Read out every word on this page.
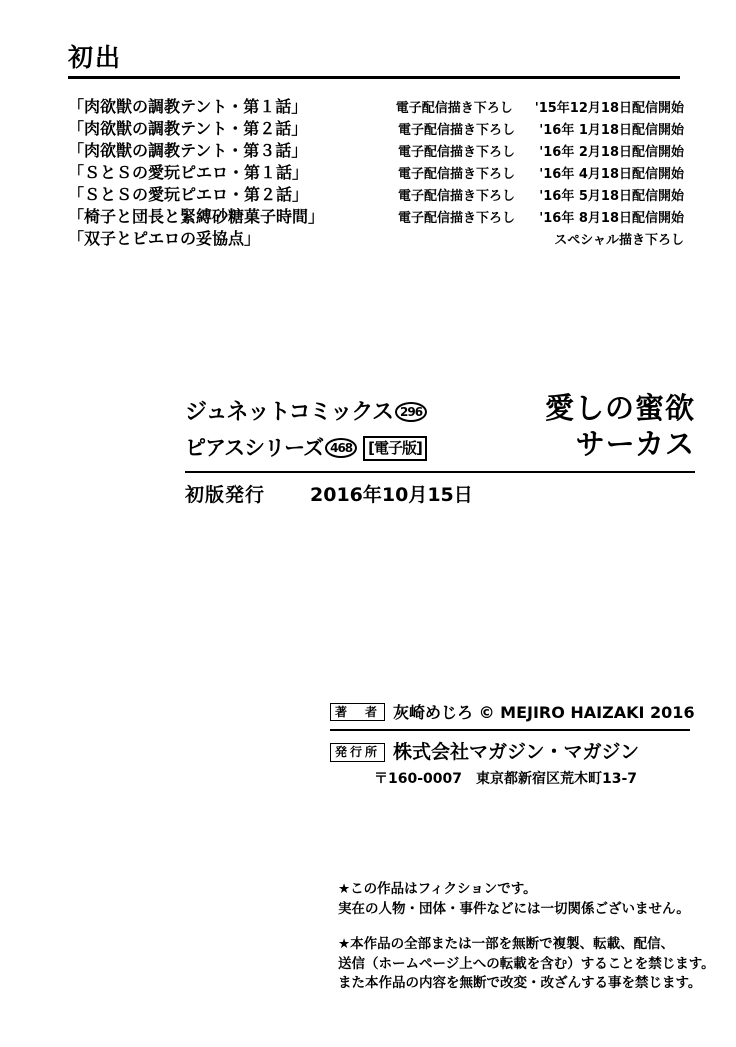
初出
「肉欲獣の調教テント・第１話」	電子配信描き下ろし	'15年12月18日配信開始
「肉欲獣の調教テント・第２話」	電子配信描き下ろし	'16年 1月18日配信開始
「肉欲獣の調教テント・第３話」	電子配信描き下ろし	'16年 2月18日配信開始
「ＳとＳの愛玩ピエロ・第１話」	電子配信描き下ろし	'16年 4月18日配信開始
「ＳとＳの愛玩ピエロ・第２話」	電子配信描き下ろし	'16年 5月18日配信開始
「椅子と団長と緊縛砂糖菓子時間」	電子配信描き下ろし	'16年 8月18日配信開始
「双子とピエロの妥協点」	スペシャル描き下ろし
ジュネットコミックス 296
ピアスシリーズ 468	[電子版]
愛しの蜜欲
サーカス
初版発行	2016年10月15日
著　者 灰崎めじろ © MEJIRO HAIZAKI 2016
発行所 株式会社マガジン・マガジン
〒160-0007　東京都新宿区荒木町13-7
★この作品はフィクションです。
実在の人物・団体・事件などには一切関係ございません。
★本作品の全部または一部を無断で複製、転載、配信、
送信（ホームページ上への転載を含む）することを禁じます。
また本作品の内容を無断で改変・改ざんする事を禁じます。
